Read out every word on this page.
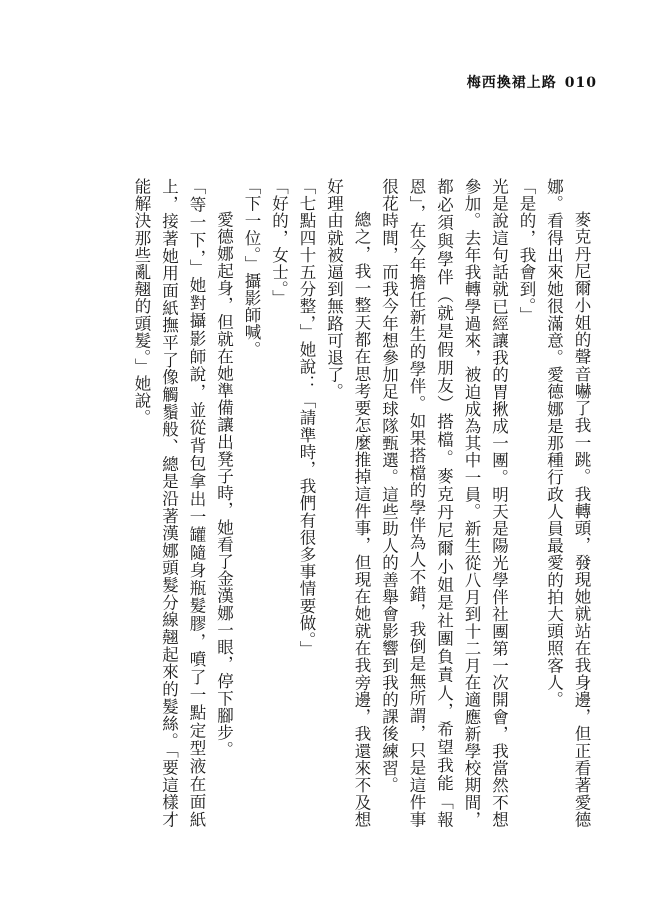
梅西換裙上路 010

麥克丹尼爾小姐的聲音嚇了我一跳。我轉頭，發現她就站在我身邊，但正看著愛德娜。看得出來她很滿意。愛德娜是那種行政人員最愛的拍大頭照客人。

「是的，我會到。」

光是說這句話就已經讓我的胃揪成一團。明天是陽光學伴社團第一次開會，我當然不想參加。去年我轉學過來，被迫成為其中一員。新生從八月到十二月在適應新學校期間，都必須與學伴（就是假朋友）搭檔。麥克丹尼爾小姐是社團負責人，希望我能「報恩」，在今年擔任新生的學伴。如果搭檔的學伴為人不錯，我倒是無所謂，只是這件事很花時間，而我今年想參加足球隊甄選。這些助人的善舉會影響到我的課後練習。

總之，我一整天都在思考要怎麼推掉這件事，但現在她就在我旁邊，我還來不及想好理由就被逼到無路可退了。

「七點四十五分整，」她說：「請準時，我們有很多事情要做。」

「好的，女士。」

「下一位。」攝影師喊。

愛德娜起身，但就在她準備讓出凳子時，她看了金漢娜一眼，停下腳步。

「等一下，」她對攝影師說，並從背包拿出一罐隨身瓶髮膠，噴了一點定型液在面紙上，接著她用面紙撫平了像觸鬚般、總是沿著漢娜頭髮分線翹起來的髮絲。「要這樣才能解決那些亂翹的頭髮。」她說。
